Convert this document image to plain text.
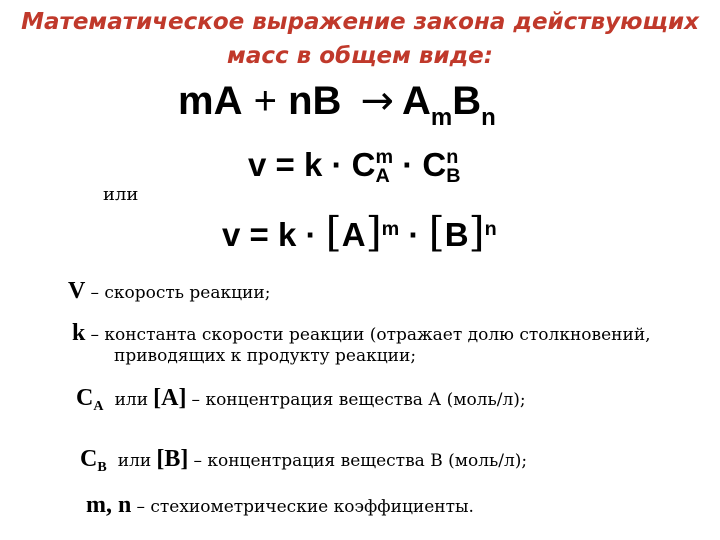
Математическое выражение закона действующих
масс в общем виде:
mA + nB → $A_mB_n$
v = k · C m
A · C n
B
или
$v = k \cdot [A]^m \cdot [B]^n$
V – скорость реакции;
k – константа скорости реакции (отражает долю столкновений,
приводящих к продукту реакции;
CA или [A] – концентрация вещества А (моль/л);
CB или [B] – концентрация вещества В (моль/л);
m, n – стехиометрические коэффициенты.
